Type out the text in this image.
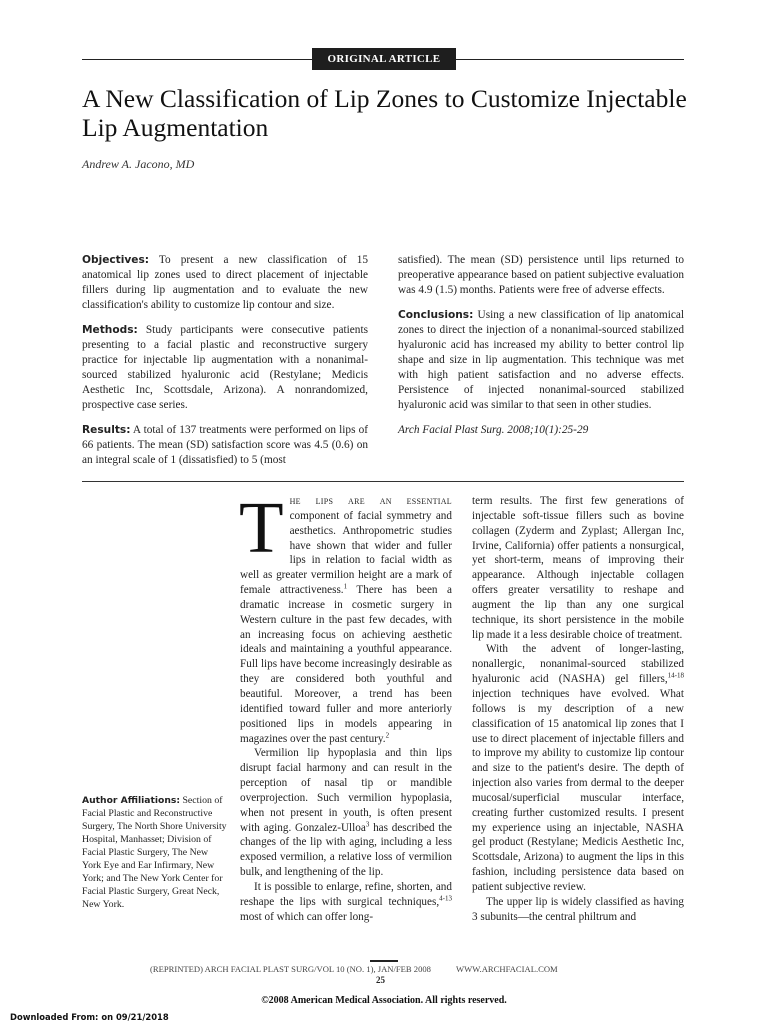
ORIGINAL ARTICLE
A New Classification of Lip Zones to Customize Injectable Lip Augmentation
Andrew A. Jacono, MD

Objectives: To present a new classification of 15 anatomical lip zones used to direct placement of injectable fillers during lip augmentation and to evaluate the new classification's ability to customize lip contour and size.

Methods: Study participants were consecutive patients presenting to a facial plastic and reconstructive surgery practice for injectable lip augmentation with a nonanimal-sourced stabilized hyaluronic acid (Restylane; Medicis Aesthetic Inc, Scottsdale, Arizona). A nonrandomized, prospective case series.

Results: A total of 137 treatments were performed on lips of 66 patients. The mean (SD) satisfaction score was 4.5 (0.6) on an integral scale of 1 (dissatisfied) to 5 (most

satisfied). The mean (SD) persistence until lips returned to preoperative appearance based on patient subjective evaluation was 4.9 (1.5) months. Patients were free of adverse effects.

Conclusions: Using a new classification of lip anatomical zones to direct the injection of a nonanimal-sourced stabilized hyaluronic acid has increased my ability to better control lip shape and size in lip augmentation. This technique was met with high patient satisfaction and no adverse effects. Persistence of injected nonanimal-sourced stabilized hyaluronic acid was similar to that seen in other studies.

Arch Facial Plast Surg. 2008;10(1):25-29

The lips are an essential component of facial symmetry and aesthetics. Anthropometric studies have shown that wider and fuller lips in relation to facial width as well as greater vermilion height are a mark of female attractiveness.$^1$ There has been a dramatic increase in cosmetic surgery in Western culture in the past few decades, with an increasing focus on achieving aesthetic ideals and maintaining a youthful appearance. Full lips have become increasingly desirable as they are considered both youthful and beautiful. Moreover, a trend has been identified toward fuller and more anteriorly positioned lips in models appearing in magazines over the past century.$^2$

Vermilion lip hypoplasia and thin lips disrupt facial harmony and can result in the perception of nasal tip or mandible overprojection. Such vermilion hypoplasia, when not present in youth, is often present with aging. Gonzalez-Ulloa$^3$ has described the changes of the lip with aging, including a less exposed vermilion, a relative loss of vermilion bulk, and lengthening of the lip.

It is possible to enlarge, refine, shorten, and reshape the lips with surgical techniques,$^{4-13}$ most of which can offer long-

term results. The first few generations of injectable soft-tissue fillers such as bovine collagen (Zyderm and Zyplast; Allergan Inc, Irvine, California) offer patients a nonsurgical, yet short-term, means of improving their appearance. Although injectable collagen offers greater versatility to reshape and augment the lip than any one surgical technique, its short persistence in the mobile lip made it a less desirable choice of treatment.

With the advent of longer-lasting, nonallergic, nonanimal-sourced stabilized hyaluronic acid (NASHA) gel fillers,$^{14-18}$ injection techniques have evolved. What follows is my description of a new classification of 15 anatomical lip zones that I use to direct placement of injectable fillers and to improve my ability to customize lip contour and size to the patient's desire. The depth of injection also varies from dermal to the deeper mucosal/superficial muscular interface, creating further customized results. I present my experience using an injectable, NASHA gel product (Restylane; Medicis Aesthetic Inc, Scottsdale, Arizona) to augment the lips in this fashion, including persistence data based on patient subjective review.

The upper lip is widely classified as having 3 subunits—the central philtrum and

Author Affiliations: Section of Facial Plastic and Reconstructive Surgery, The North Shore University Hospital, Manhasset; Division of Facial Plastic Surgery, The New York Eye and Ear Infirmary, New York; and The New York Center for Facial Plastic Surgery, Great Neck, New York.
(REPRINTED) ARCH FACIAL PLAST SURG/VOL 10 (NO. 1), JAN/FEB 2008	WWW.ARCHFACIAL.COM
25
©2008 American Medical Association. All rights reserved.
Downloaded From: on 09/21/2018
